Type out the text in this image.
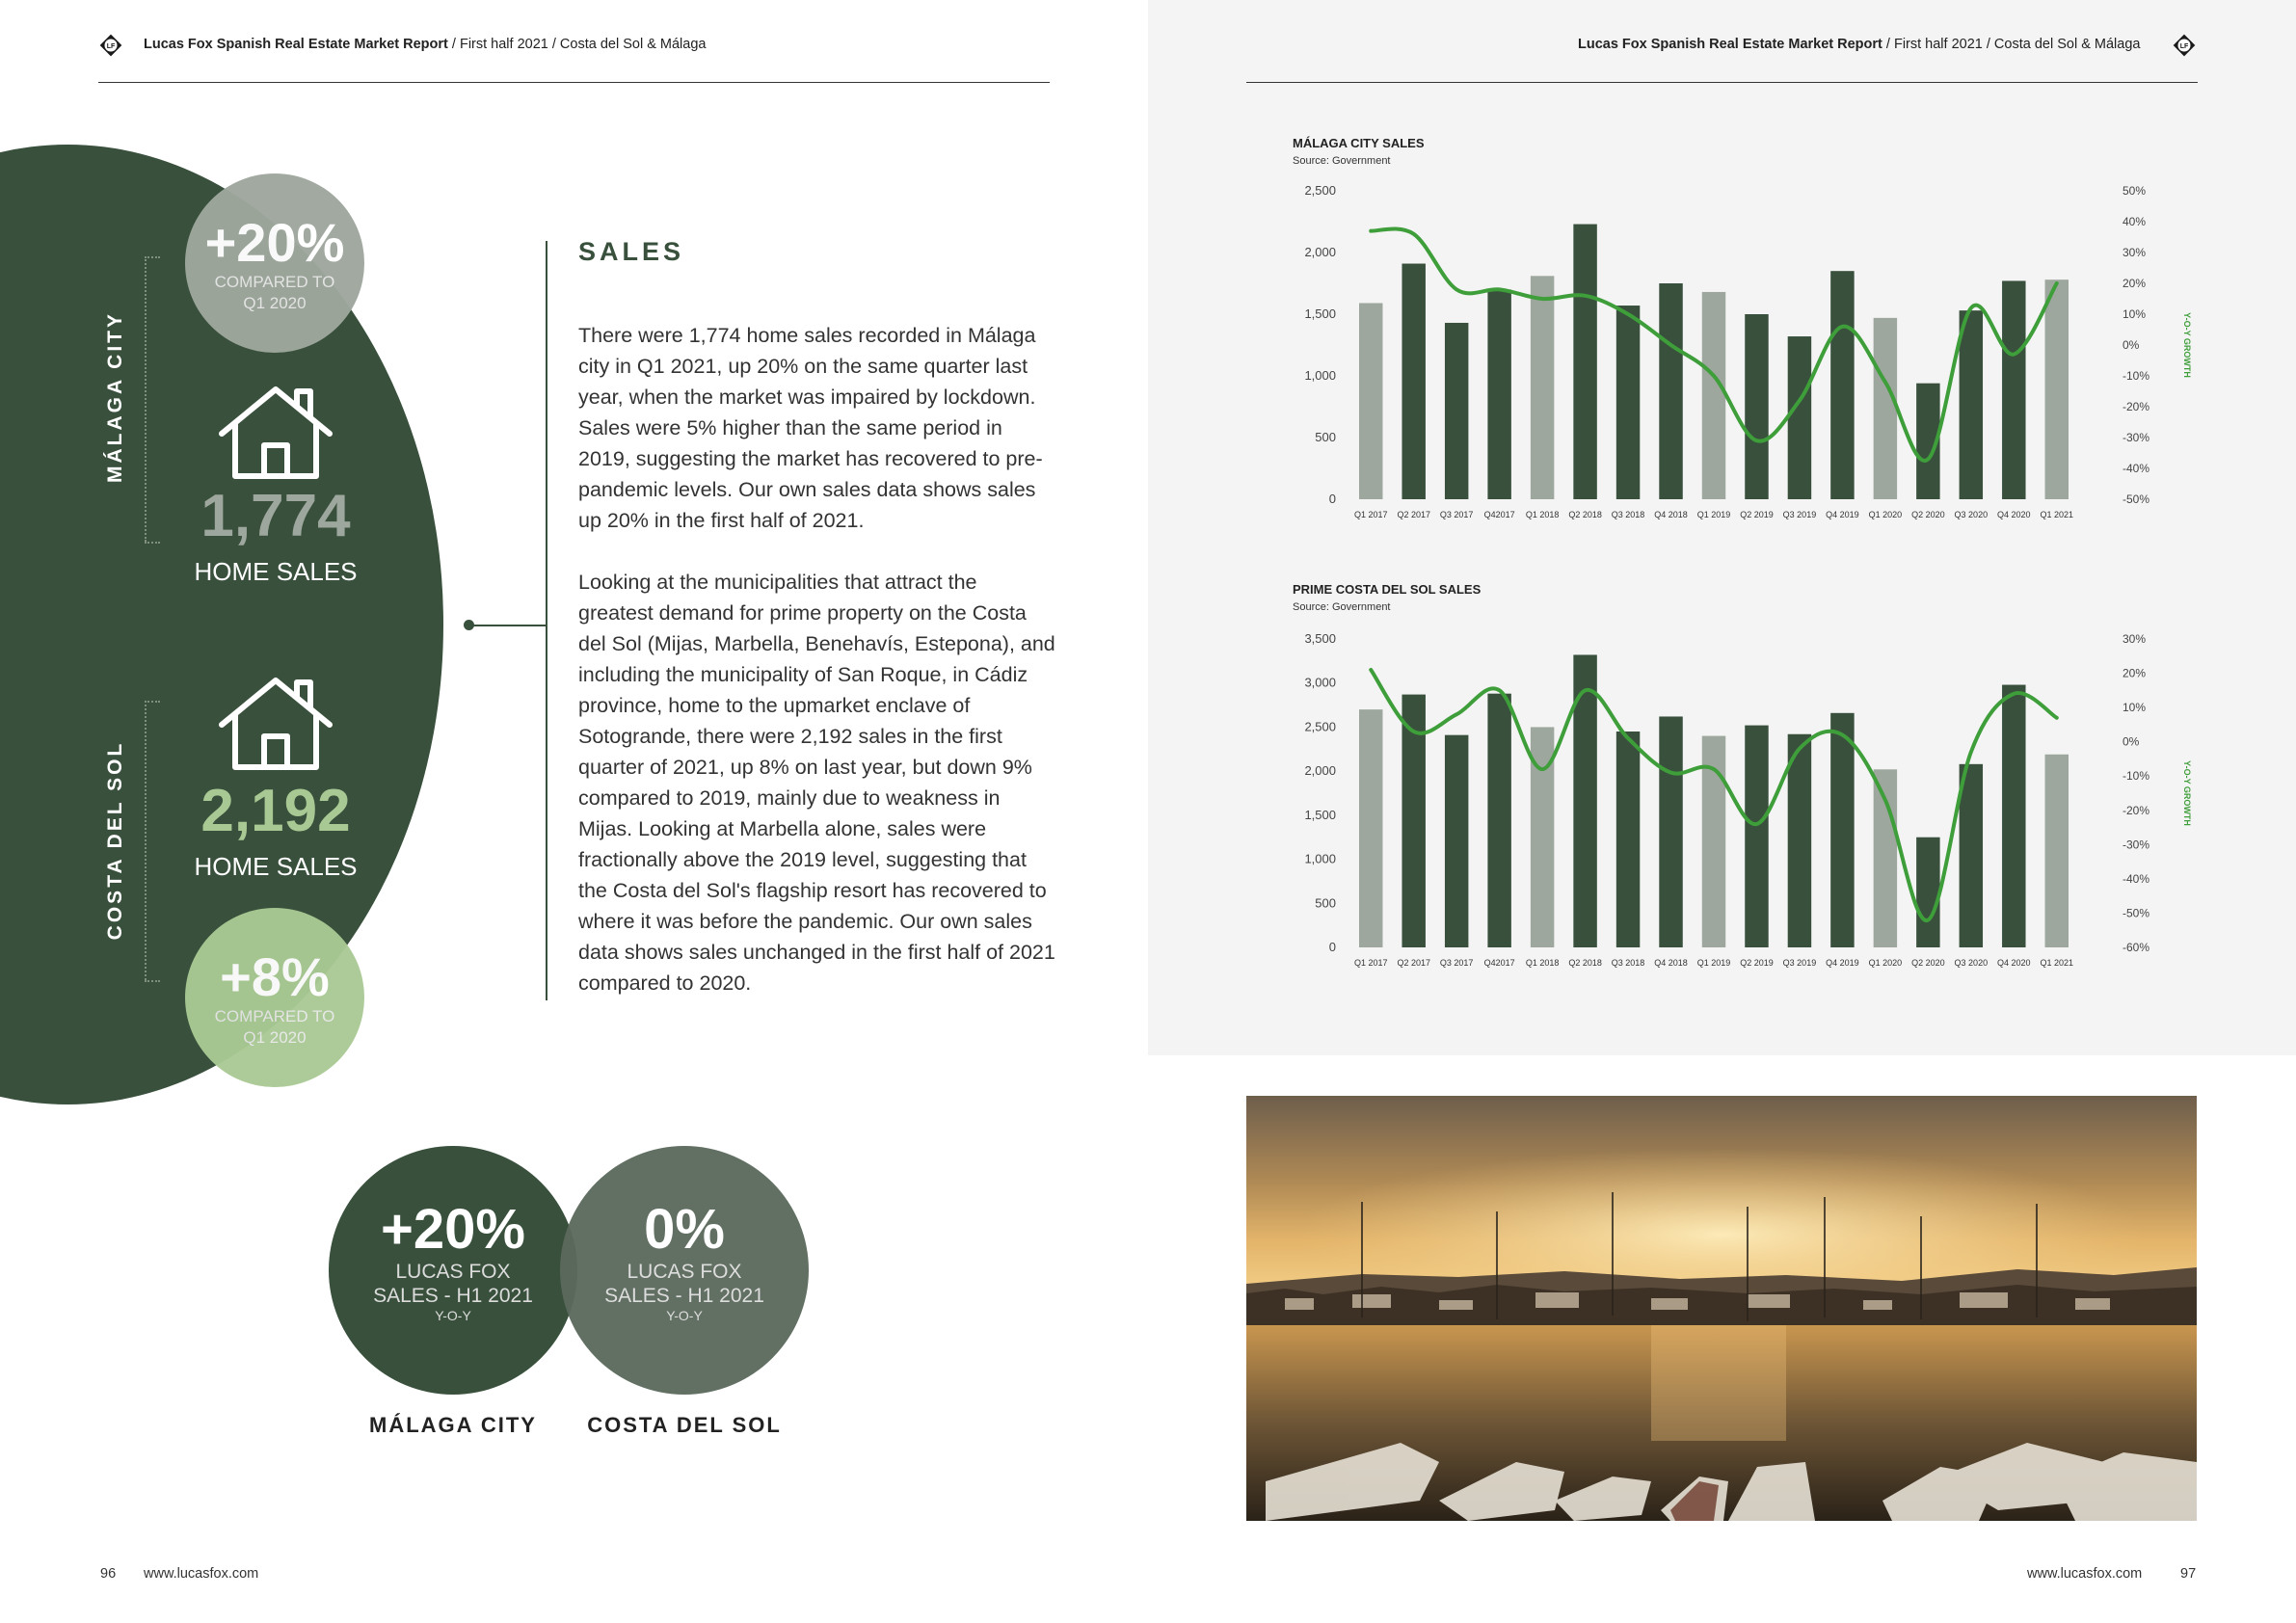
LF Lucas Fox Spanish Real Estate Market Report / First half 2021 / Costa del Sol & Málaga	Lucas Fox Spanish Real Estate Market Report / First half 2021 / Costa del Sol & Málaga	LF
+20%
COMPARED TO
Q1 2020
MÁLAGA CITY
1,774
HOME SALES
COSTA DEL SOL	2,192
HOME SALES
+8%
COMPARED TO
Q1 2020
SALES
There were 1,774 home sales recorded in Málaga city in Q1 2021, up 20% on the same quarter last year, when the market was impaired by lockdown. Sales were 5% higher than the same period in 2019, suggesting the market has recovered to pre-pandemic levels. Our own sales data shows sales up 20% in the first half of 2021.
Looking at the municipalities that attract the greatest demand for prime property on the Costa del Sol (Mijas, Marbella, Benehavís, Estepona), and including the municipality of San Roque, in Cádiz province, home to the upmarket enclave of Sotogrande, there were 2,192 sales in the first quarter of 2021, up 8% on last year, but down 9% compared to 2019, mainly due to weakness in Mijas. Looking at Marbella alone, sales were fractionally above the 2019 level, suggesting that the Costa del Sol's flagship resort has recovered to where it was before the pandemic. Our own sales data shows sales unchanged in the first half of 2021 compared to 2020.
+20%
LUCAS FOX
SALES - H1 2021
Y-O-Y
0%
LUCAS FOX
SALES - H1 2021
Y-O-Y
MÁLAGA CITY	COSTA DEL SOL
MÁLAGA CITY SALES
Source: Government
0
500
1,000
1,500
2,000
2,500
-50%
-40%
-30%
-20%
-10%
0%
10%
20%
30%
40%
50%
Y-O-Y GROWTH
Q1 2017 Q2 2017 Q3 2017 Q42017 Q1 2018 Q2 2018 Q3 2018 Q4 2018 Q1 2019 Q2 2019 Q3 2019 Q4 2019 Q1 2020 Q2 2020 Q3 2020 Q4 2020 Q1 2021
PRIME COSTA DEL SOL SALES
Source: Government
0
500
1,000
1,500
2,000
2,500
3,000
3,500
-60%
-50%
-40%
-30%
-20%
-10%
0%
10%
20%
30%
Y-O-Y GROWTH
Q1 2017 Q2 2017 Q3 2017 Q42017 Q1 2018 Q2 2018 Q3 2018 Q4 2018 Q1 2019 Q2 2019 Q3 2019 Q4 2019 Q1 2020 Q2 2020 Q3 2020 Q4 2020 Q1 2021
96 www.lucasfox.com	www.lucasfox.com	97
